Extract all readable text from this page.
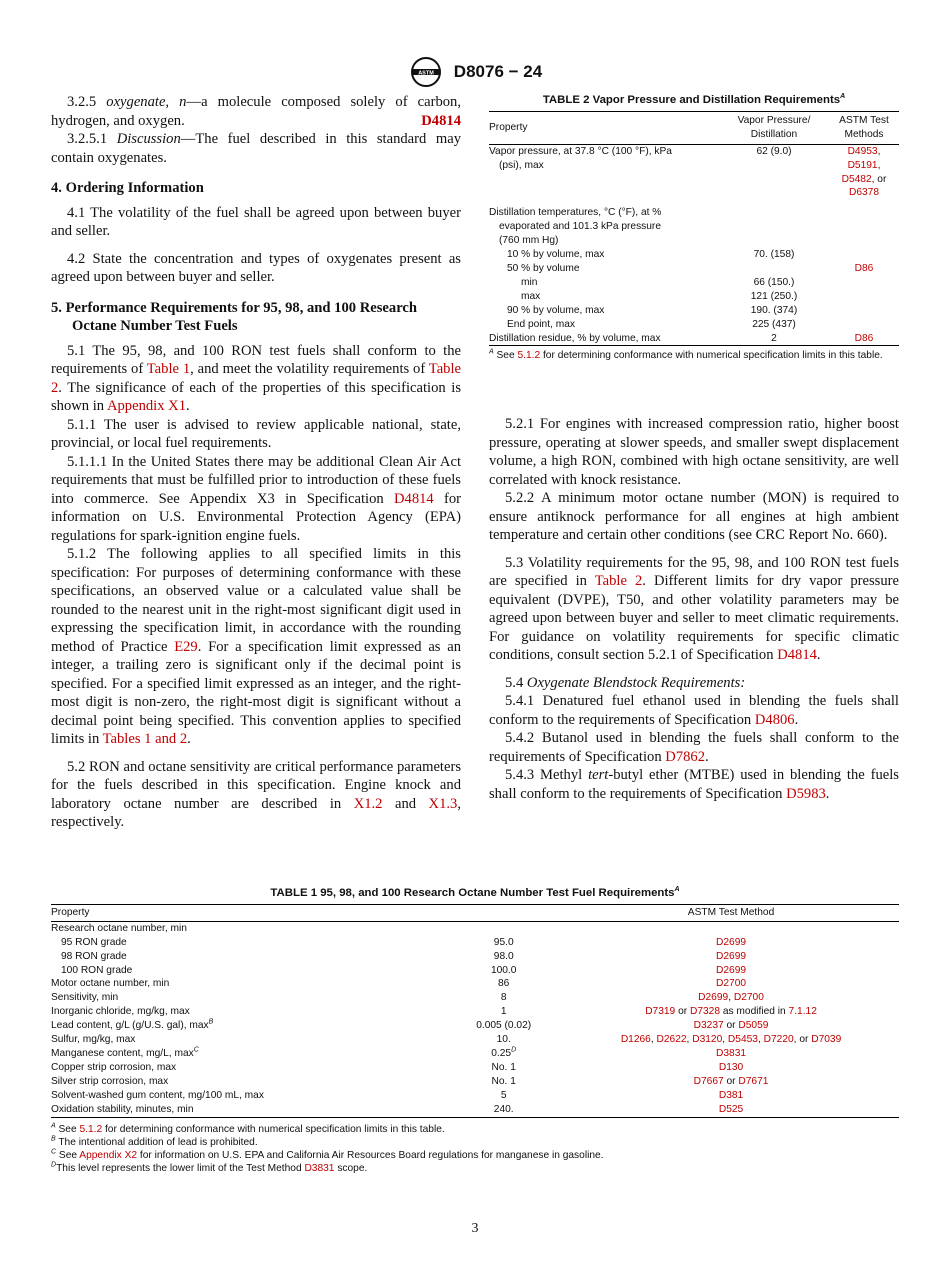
ASTM D8076 − 24

3.2.5 oxygenate, n—a molecule composed solely of carbon, hydrogen, and oxygen.	D4814

3.2.5.1 Discussion—The fuel described in this standard may contain oxygenates.

4. Ordering Information

4.1 The volatility of the fuel shall be agreed upon between buyer and seller.

4.2 State the concentration and types of oxygenates present as agreed upon between buyer and seller.

5. Performance Requirements for 95, 98, and 100 Research Octane Number Test Fuels

5.1 The 95, 98, and 100 RON test fuels shall conform to the requirements of Table 1, and meet the volatility requirements of Table 2. The significance of each of the properties of this specification is shown in Appendix X1.

5.1.1 The user is advised to review applicable national, state, provincial, or local fuel requirements.

5.1.1.1 In the United States there may be additional Clean Air Act requirements that must be fulfilled prior to introduction of these fuels into commerce. See Appendix X3 in Specification D4814 for information on U.S. Environmental Protection Agency (EPA) regulations for spark-ignition engine fuels.

5.1.2 The following applies to all specified limits in this specification: For purposes of determining conformance with these specifications, an observed value or a calculated value shall be rounded to the nearest unit in the right-most significant digit used in expressing the specification limit, in accordance with the rounding method of Practice E29. For a specification limit expressed as an integer, a trailing zero is significant only if the decimal point is specified. For a specified limit expressed as an integer, and the right-most digit is non-zero, the right-most digit is significant without a decimal point being specified. This convention applies to specified limits in Tables 1 and 2.

5.2 RON and octane sensitivity are critical performance parameters for the fuels described in this specification. Engine knock and laboratory octane number are described in X1.2 and X1.3, respectively.

TABLE 2 Vapor Pressure and Distillation Requirements$^A$
Property	Vapor Pressure/ Distillation	ASTM Test Methods
Vapor pressure, at 37.8 °C (100 °F), kPa (psi), max	62 (9.0)	D4953,
D5191,
D5482, or
D6378
Distillation temperatures, °C (°F), at % evaporated and 101.3 kPa pressure (760 mm Hg)		
10 % by volume, max	70. (158)	
50 % by volume		D86
min	66 (150.)	
max	121 (250.)	
90 % by volume, max	190. (374)	
End point, max	225 (437)	
Distillation residue, % by volume, max	2	D86
$^A$ See 5.1.2 for determining conformance with numerical specification limits in this table.

5.2.1 For engines with increased compression ratio, higher boost pressure, operating at slower speeds, and smaller swept displacement volume, a high RON, combined with high octane sensitivity, are well correlated with knock resistance.

5.2.2 A minimum motor octane number (MON) is required to ensure antiknock performance for all engines at high ambient temperature and certain other conditions (see CRC Report No. 660).

5.3 Volatility requirements for the 95, 98, and 100 RON test fuels are specified in Table 2. Different limits for dry vapor pressure equivalent (DVPE), T50, and other volatility parameters may be agreed upon between buyer and seller to meet climatic requirements. For guidance on volatility requirements for specific climatic conditions, consult section 5.2.1 of Specification D4814.

5.4 Oxygenate Blendstock Requirements:

5.4.1 Denatured fuel ethanol used in blending the fuels shall conform to the requirements of Specification D4806.

5.4.2 Butanol used in blending the fuels shall conform to the requirements of Specification D7862.

5.4.3 Methyl tert-butyl ether (MTBE) used in blending the fuels shall conform to the requirements of Specification D5983.

TABLE 1 95, 98, and 100 Research Octane Number Test Fuel Requirements$^A$
Property		ASTM Test Method
Research octane number, min		
95 RON grade	95.0	D2699
98 RON grade	98.0	D2699
100 RON grade	100.0	D2699
Motor octane number, min	86	D2700
Sensitivity, min	8	D2699, D2700
Inorganic chloride, mg/kg, max	1	D7319 or D7328 as modified in 7.1.12
Lead content, g/L (g/U.S. gal), $\max^B$	0.005 (0.02)	D3237 or D5059
Sulfur, mg/kg, max	10.	D1266, D2622, D3120, D5453, D7220, or D7039
Manganese content, mg/L, $\max^C$	$0.25^D$	D3831
Copper strip corrosion, max	No. 1	D130
Silver strip corrosion, max	No. 1	D7667 or D7671
Solvent-washed gum content, mg/100 mL, max	5	D381
Oxidation stability, minutes, min	240.	D525
$^A$ See 5.1.2 for determining conformance with numerical specification limits in this table.
$^B$ The intentional addition of lead is prohibited.
$^C$ See Appendix X2 for information on U.S. EPA and California Air Resources Board regulations for manganese in gasoline.
$^D$This level represents the lower limit of the Test Method D3831 scope.
3
